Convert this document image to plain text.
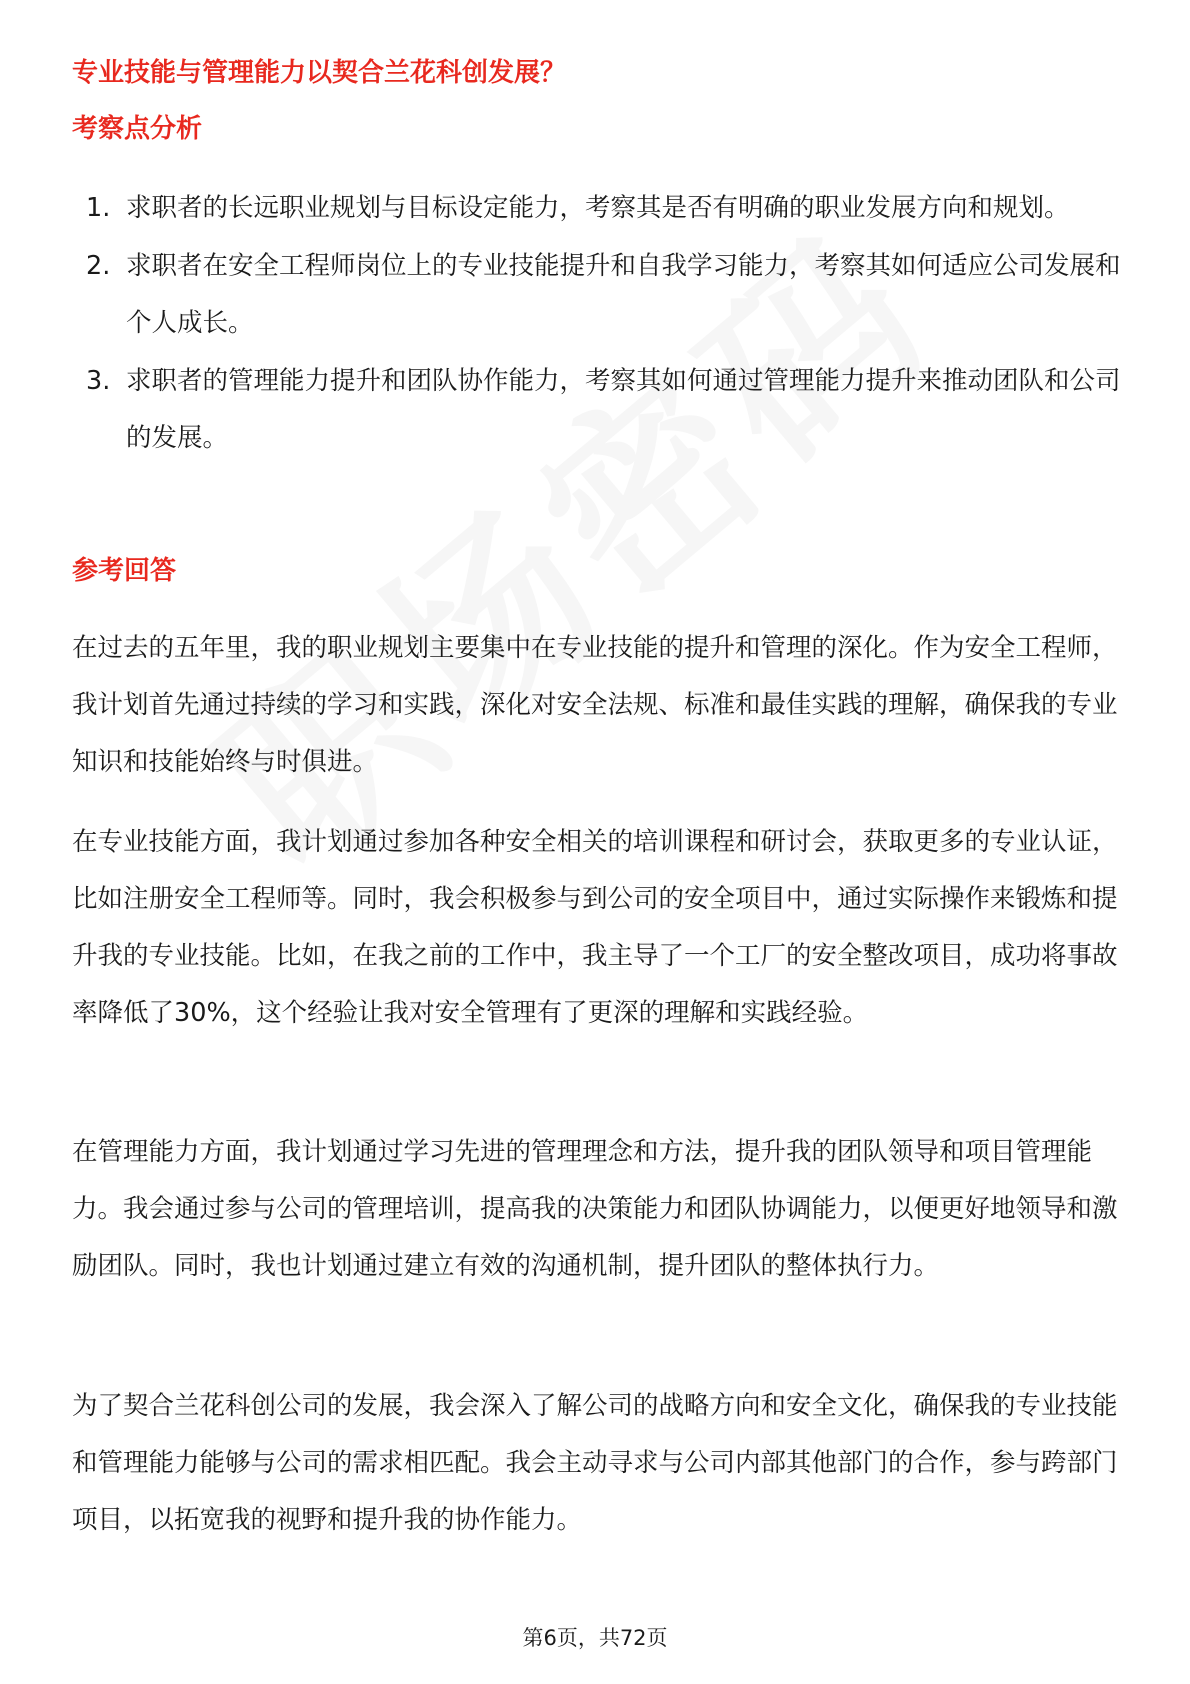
专业技能与管理能力以契合兰花科创发展？
考察点分析
1. 求职者的长远职业规划与目标设定能力，考察其是否有明确的职业发展方向和规划。
2. 求职者在安全工程师岗位上的专业技能提升和自我学习能力，考察其如何适应公司发展和个人成长。
3. 求职者的管理能力提升和团队协作能力，考察其如何通过管理能力提升来推动团队和公司的发展。
参考回答

在过去的五年里，我的职业规划主要集中在专业技能的提升和管理的深化。作为安全工程师，我计划首先通过持续的学习和实践，深化对安全法规、标准和最佳实践的理解，确保我的专业知识和技能始终与时俱进。

在专业技能方面，我计划通过参加各种安全相关的培训课程和研讨会，获取更多的专业认证，比如注册安全工程师等。同时，我会积极参与到公司的安全项目中，通过实际操作来锻炼和提升我的专业技能。比如，在我之前的工作中，我主导了一个工厂的安全整改项目，成功将事故率降低了30%，这个经验让我对安全管理有了更深的理解和实践经验。

在管理能力方面，我计划通过学习先进的管理理念和方法，提升我的团队领导和项目管理能力。我会通过参与公司的管理培训，提高我的决策能力和团队协调能力，以便更好地领导和激励团队。同时，我也计划通过建立有效的沟通机制，提升团队的整体执行力。

为了契合兰花科创公司的发展，我会深入了解公司的战略方向和安全文化，确保我的专业技能和管理能力能够与公司的需求相匹配。我会主动寻求与公司内部其他部门的合作，参与跨部门项目，以拓宽我的视野和提升我的协作能力。

第6页，共72页
